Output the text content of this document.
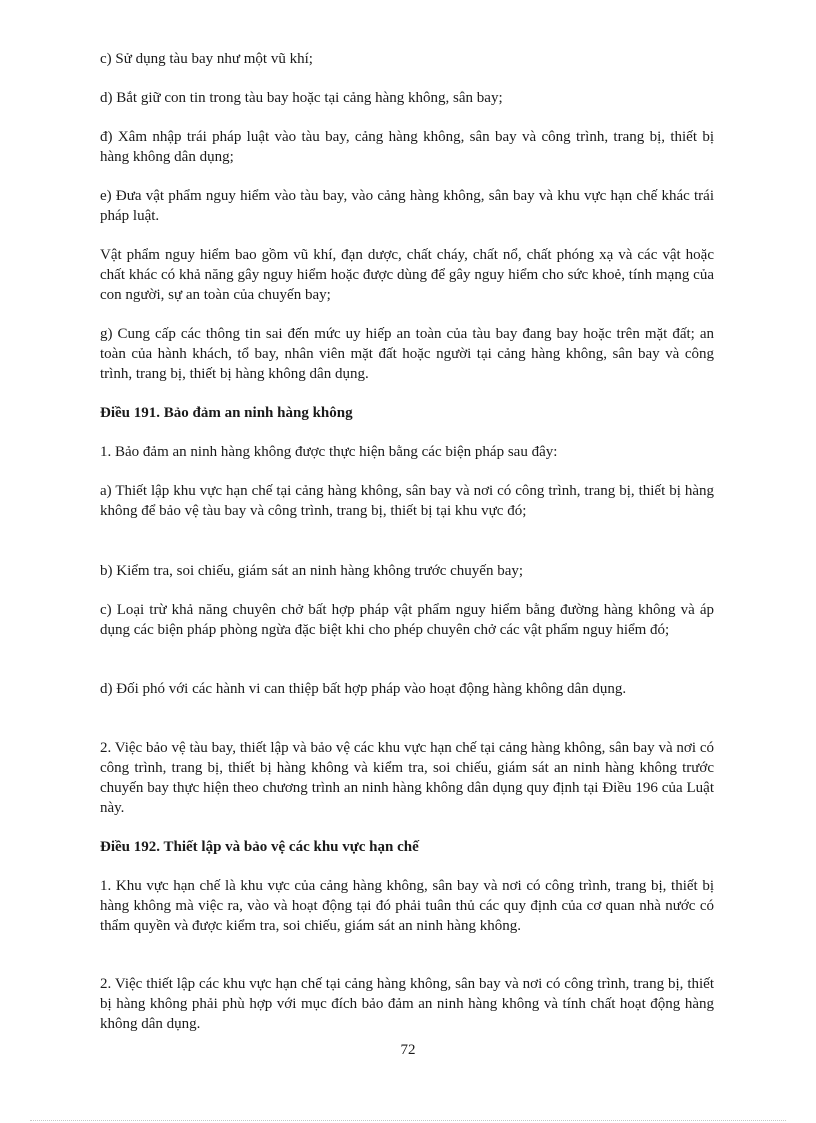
c) Sử dụng tàu bay như một vũ khí;

d) Bắt giữ con tin trong tàu bay hoặc tại cảng hàng không, sân bay;

đ) Xâm nhập trái pháp luật vào tàu bay, cảng hàng không, sân bay và công trình, trang bị, thiết bị hàng không dân dụng;

e) Đưa vật phẩm nguy hiểm vào tàu bay, vào cảng hàng không, sân bay và khu vực hạn chế khác trái pháp luật.

Vật phẩm nguy hiểm bao gồm vũ khí, đạn dược, chất cháy, chất nổ, chất phóng xạ và các vật hoặc chất khác có khả năng gây nguy hiểm hoặc được dùng để gây nguy hiểm cho sức khoẻ, tính mạng của con người, sự an toàn của chuyến bay;

g) Cung cấp các thông tin sai đến mức uy hiếp an toàn của tàu bay đang bay hoặc trên mặt đất; an toàn của hành khách, tổ bay, nhân viên mặt đất hoặc người tại cảng hàng không, sân bay và công trình, trang bị, thiết bị hàng không dân dụng.

Điều 191. Bảo đảm an ninh hàng không

1. Bảo đảm an ninh hàng không được thực hiện bằng các biện pháp sau đây:

a) Thiết lập khu vực hạn chế tại cảng hàng không, sân bay và nơi có công trình, trang bị, thiết bị hàng không để bảo vệ tàu bay và công trình, trang bị, thiết bị tại khu vực đó;

b) Kiểm tra, soi chiếu, giám sát an ninh hàng không trước chuyến bay;

c) Loại trừ khả năng chuyên chở bất hợp pháp vật phẩm nguy hiểm bằng đường hàng không và áp dụng các biện pháp phòng ngừa đặc biệt khi cho phép chuyên chở các vật phẩm nguy hiểm đó;

d) Đối phó với các hành vi can thiệp bất hợp pháp vào hoạt động hàng không dân dụng.

2. Việc bảo vệ tàu bay, thiết lập và bảo vệ các khu vực hạn chế tại cảng hàng không, sân bay và nơi có công trình, trang bị, thiết bị hàng không và kiểm tra, soi chiếu, giám sát an ninh hàng không trước chuyến bay thực hiện theo chương trình an ninh hàng không dân dụng quy định tại Điều 196 của Luật này.

Điều 192. Thiết lập và bảo vệ các khu vực hạn chế

1. Khu vực hạn chế là khu vực của cảng hàng không, sân bay và nơi có công trình, trang bị, thiết bị hàng không mà việc ra, vào và hoạt động tại đó phải tuân thủ các quy định của cơ quan nhà nước có thẩm quyền và được kiểm tra, soi chiếu, giám sát an ninh hàng không.

2. Việc thiết lập các khu vực hạn chế tại cảng hàng không, sân bay và nơi có công trình, trang bị, thiết bị hàng không phải phù hợp với mục đích bảo đảm an ninh hàng không và tính chất hoạt động hàng không dân dụng.

72
